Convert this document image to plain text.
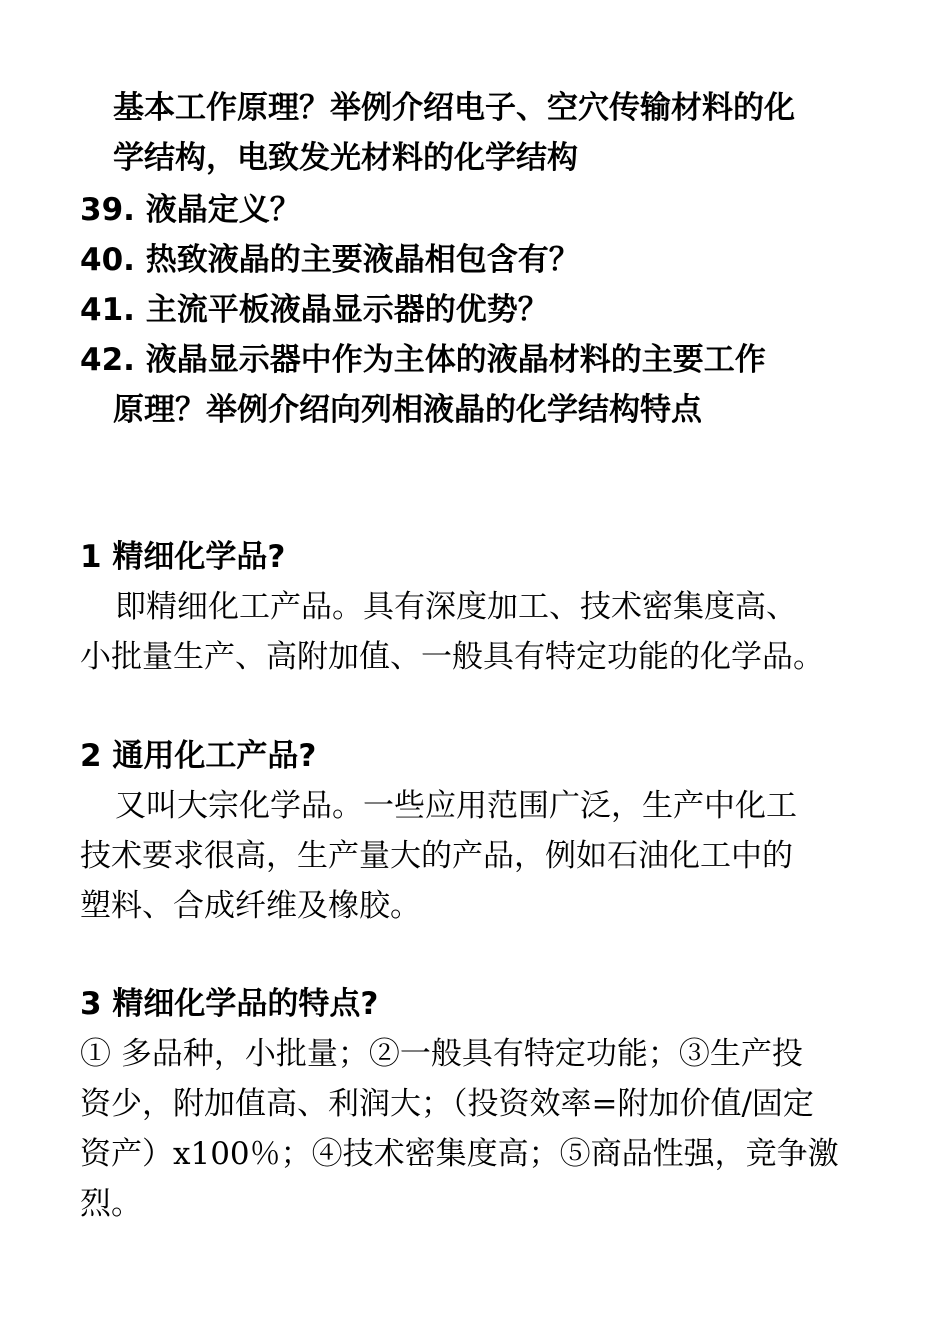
基本工作原理？举例介绍电子、空穴传输材料的化
学结构，电致发光材料的化学结构
39. 液晶定义？
40. 热致液晶的主要液晶相包含有？
41. 主流平板液晶显示器的优势？
42. 液晶显示器中作为主体的液晶材料的主要工作
原理？举例介绍向列相液晶的化学结构特点
1 精细化学品?
即精细化工产品。具有深度加工、技术密集度高、
小批量生产、高附加值、一般具有特定功能的化学品。
2 通用化工产品?
又叫大宗化学品。一些应用范围广泛，生产中化工
技术要求很高，生产量大的产品，例如石油化工中的
塑料、合成纤维及橡胶。
3 精细化学品的特点?
① 多品种，小批量；②一般具有特定功能；③生产投
资少，附加值高、利润大；（投资效率=附加价值/固定
资产）x100％；④技术密集度高；⑤商品性强，竞争激
烈。
